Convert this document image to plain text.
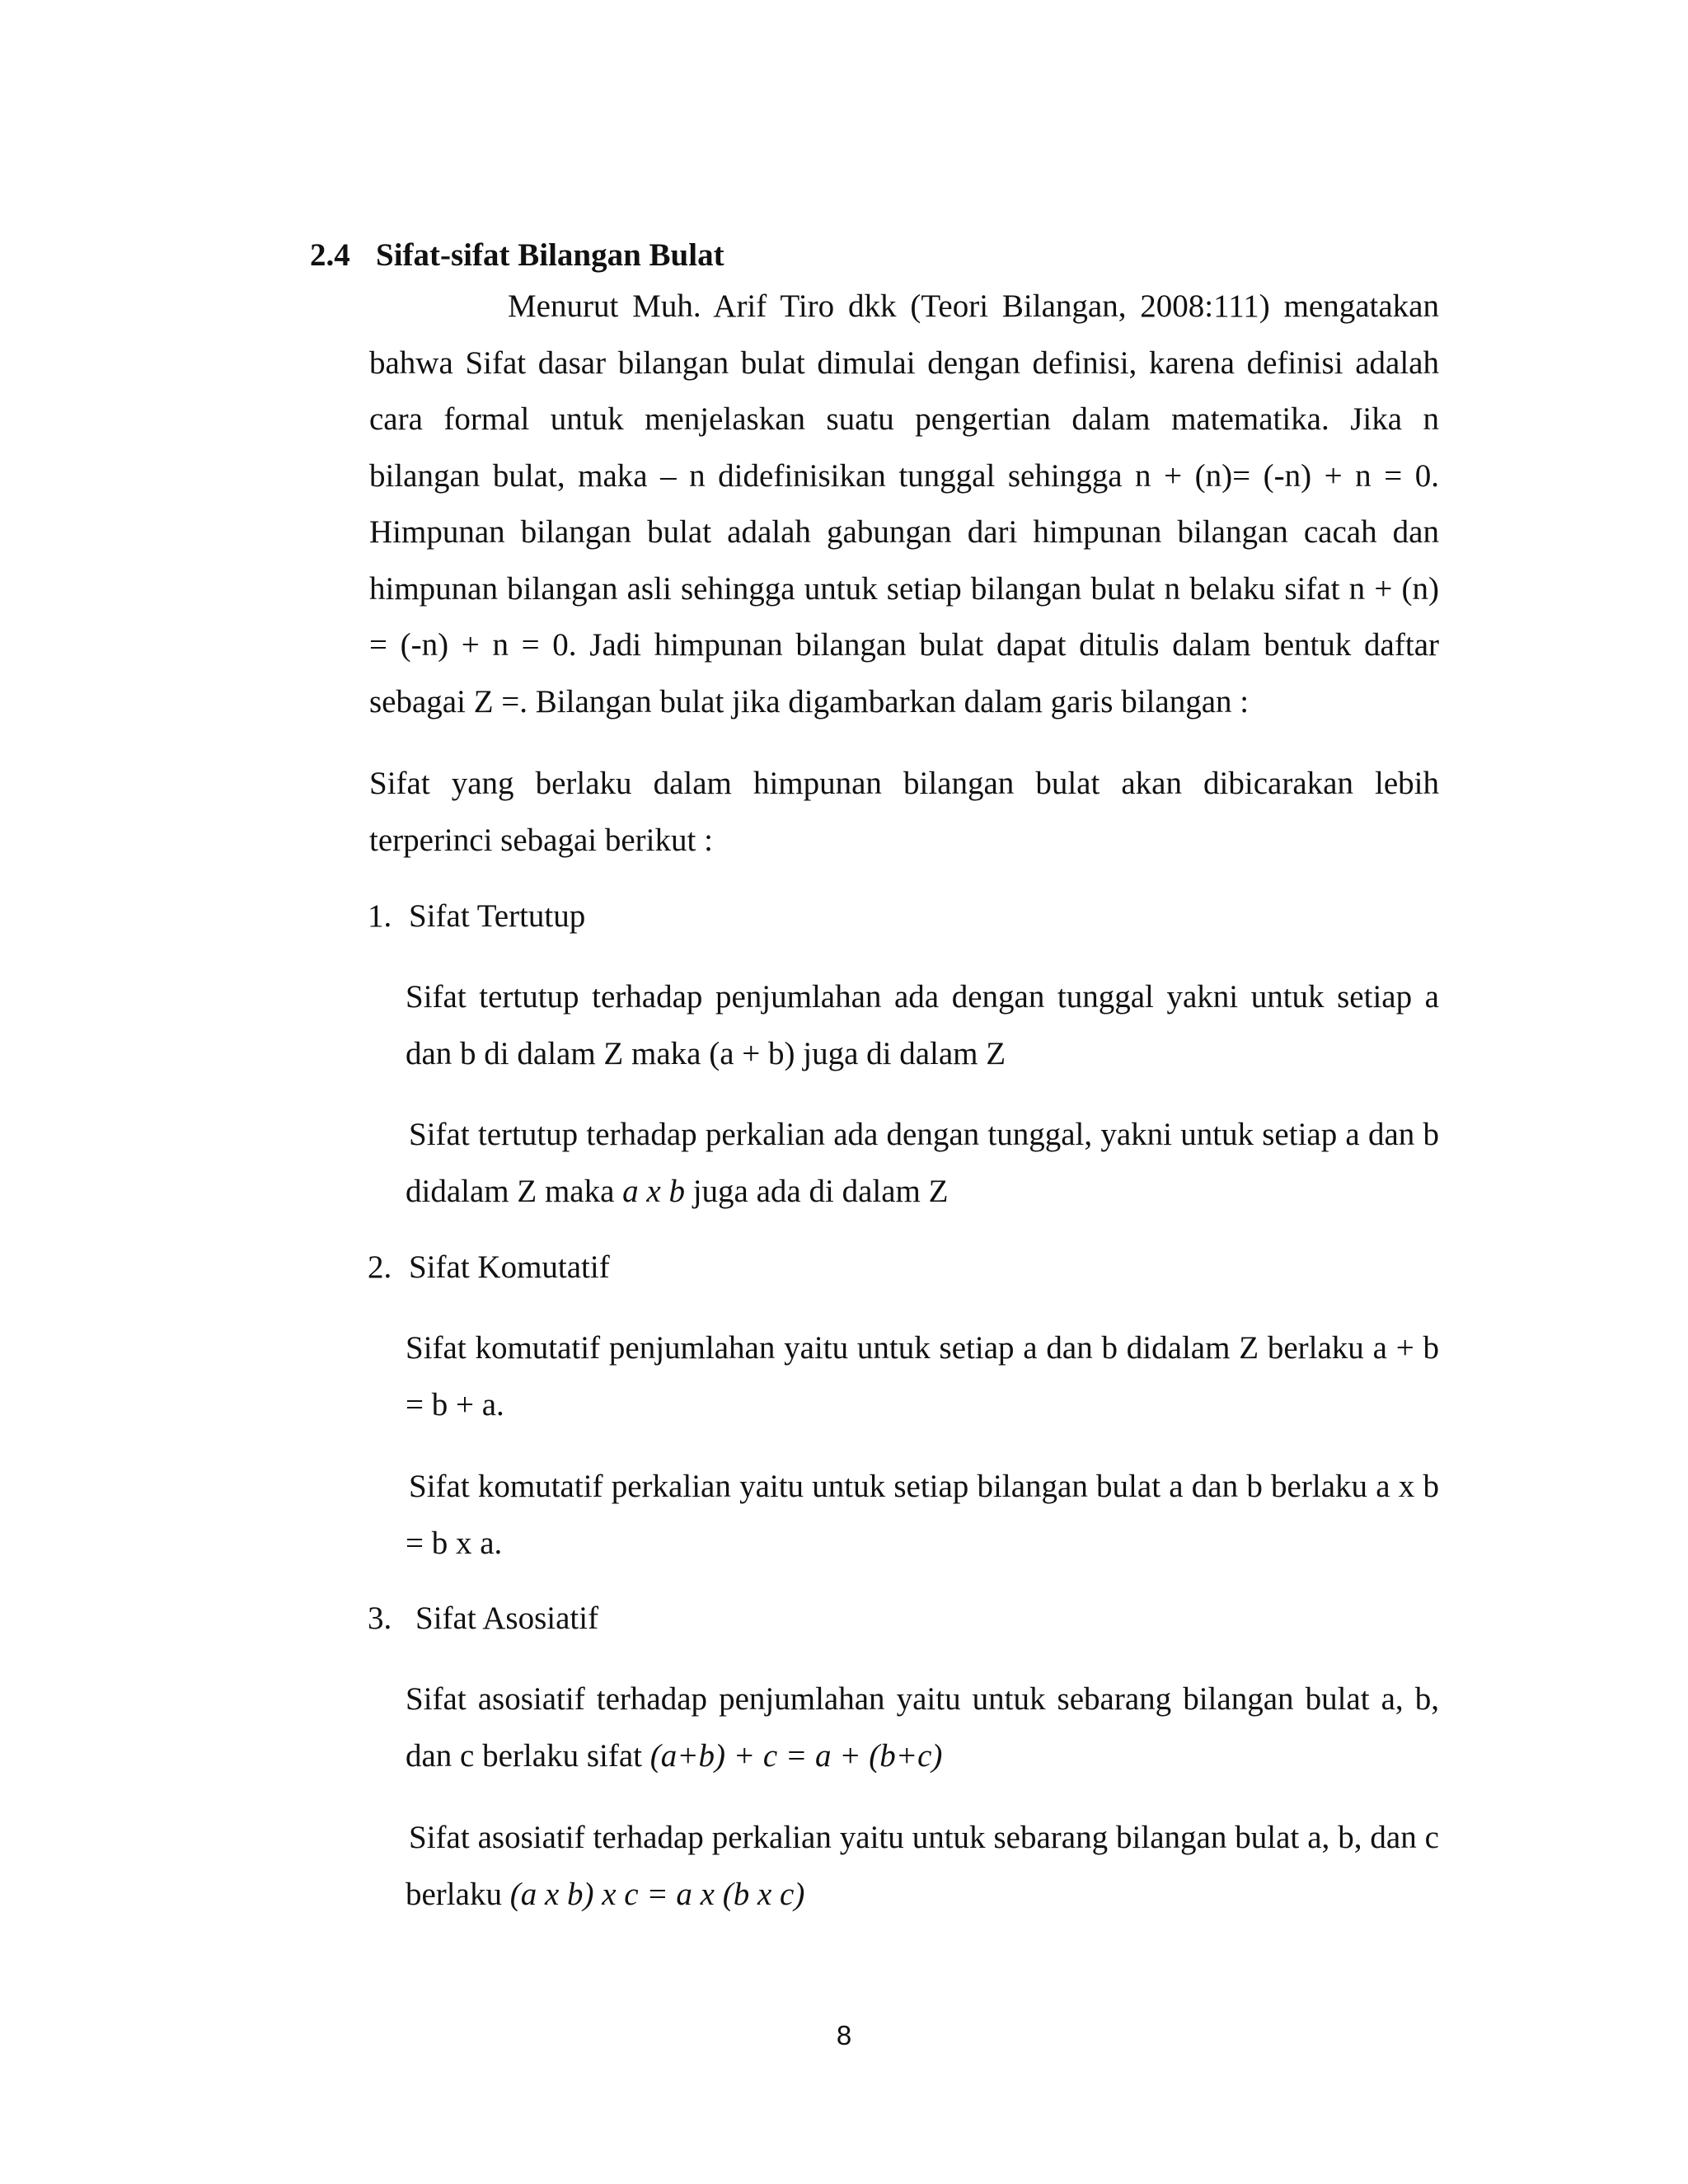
2.4 Sifat-sifat Bilangan Bulat
Menurut Muh. Arif Tiro dkk (Teori Bilangan, 2008:111) mengatakan bahwa Sifat dasar bilangan bulat dimulai dengan definisi, karena definisi adalah cara formal untuk menjelaskan suatu pengertian dalam matematika. Jika n bilangan bulat, maka – n didefinisikan tunggal sehingga n + (n)= (-n) + n = 0. Himpunan bilangan bulat adalah gabungan dari himpunan bilangan cacah dan himpunan bilangan asli sehingga untuk setiap bilangan bulat n belaku sifat n + (n) = (-n) + n = 0. Jadi himpunan bilangan bulat dapat ditulis dalam bentuk daftar sebagai Z =. Bilangan bulat jika digambarkan dalam garis bilangan :
Sifat yang berlaku dalam himpunan bilangan bulat akan dibicarakan lebih terperinci sebagai berikut :
1. Sifat Tertutup
Sifat tertutup terhadap penjumlahan ada dengan tunggal yakni untuk setiap a dan b di dalam Z maka (a + b) juga di dalam Z
Sifat tertutup terhadap perkalian ada dengan tunggal, yakni untuk setiap a dan b didalam Z maka a x b juga ada di dalam Z
2. Sifat Komutatif
Sifat komutatif penjumlahan yaitu untuk setiap a dan b didalam Z berlaku a + b = b + a.
Sifat komutatif perkalian yaitu untuk setiap bilangan bulat a dan b berlaku a x b = b x a.
3. Sifat Asosiatif
Sifat asosiatif terhadap penjumlahan yaitu untuk sebarang bilangan bulat a, b, dan c berlaku sifat (a+b) + c = a + (b+c)
Sifat asosiatif terhadap perkalian yaitu untuk sebarang bilangan bulat a, b, dan c berlaku (a x b) x c = a x (b x c)
8
